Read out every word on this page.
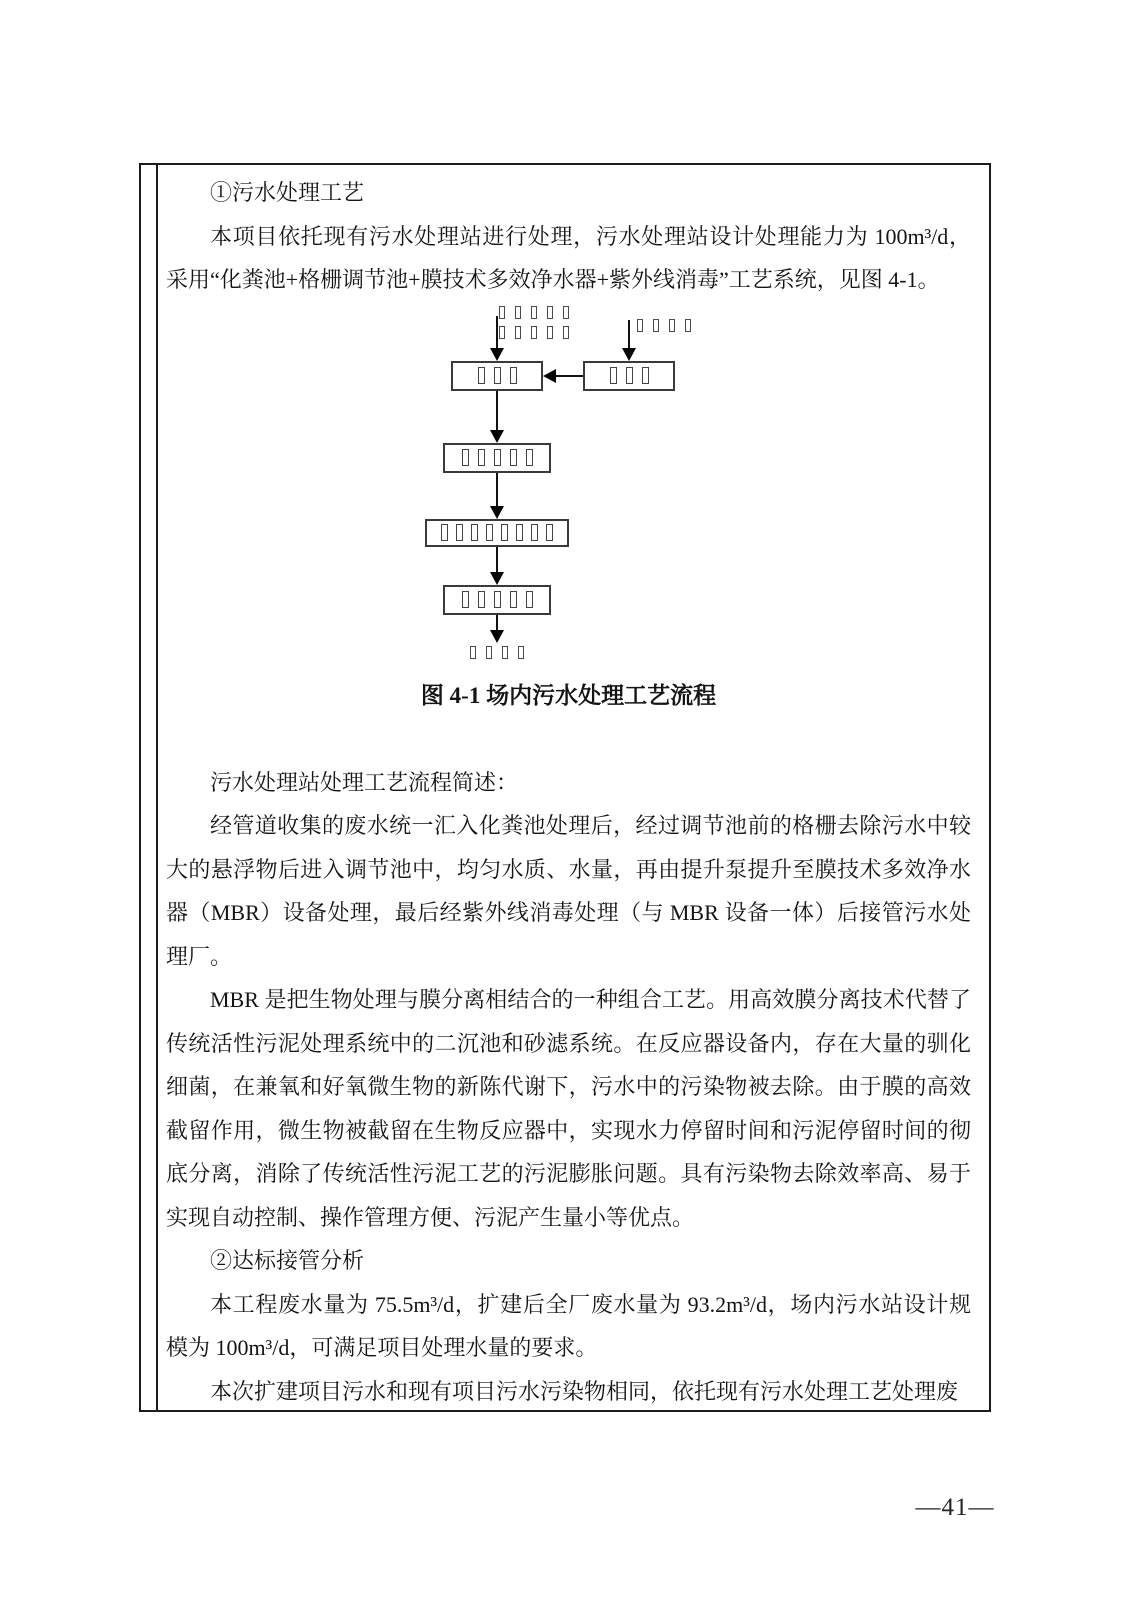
①污水处理工艺

本项目依托现有污水处理站进行处理，污水处理站设计处理能力为 100m³/d，采用“化粪池+格栅调节池+膜技术多效净水器+紫外线消毒”工艺系统，见图 4-1。

图 4-1 场内污水处理工艺流程

污水处理站处理工艺流程简述：

经管道收集的废水统一汇入化粪池处理后，经过调节池前的格栅去除污水中较大的悬浮物后进入调节池中，均匀水质、水量，再由提升泵提升至膜技术多效净水器（MBR）设备处理，最后经紫外线消毒处理（与 MBR 设备一体）后接管污水处理厂。

MBR 是把生物处理与膜分离相结合的一种组合工艺。用高效膜分离技术代替了传统活性污泥处理系统中的二沉池和砂滤系统。在反应器设备内，存在大量的驯化细菌，在兼氧和好氧微生物的新陈代谢下，污水中的污染物被去除。由于膜的高效截留作用，微生物被截留在生物反应器中，实现水力停留时间和污泥停留时间的彻底分离，消除了传统活性污泥工艺的污泥膨胀问题。具有污染物去除效率高、易于实现自动控制、操作管理方便、污泥产生量小等优点。

②达标接管分析

本工程废水量为 75.5m³/d，扩建后全厂废水量为 93.2m³/d，场内污水站设计规模为 100m³/d，可满足项目处理水量的要求。

本次扩建项目污水和现有项目污水污染物相同，依托现有污水处理工艺处理废

—41—
